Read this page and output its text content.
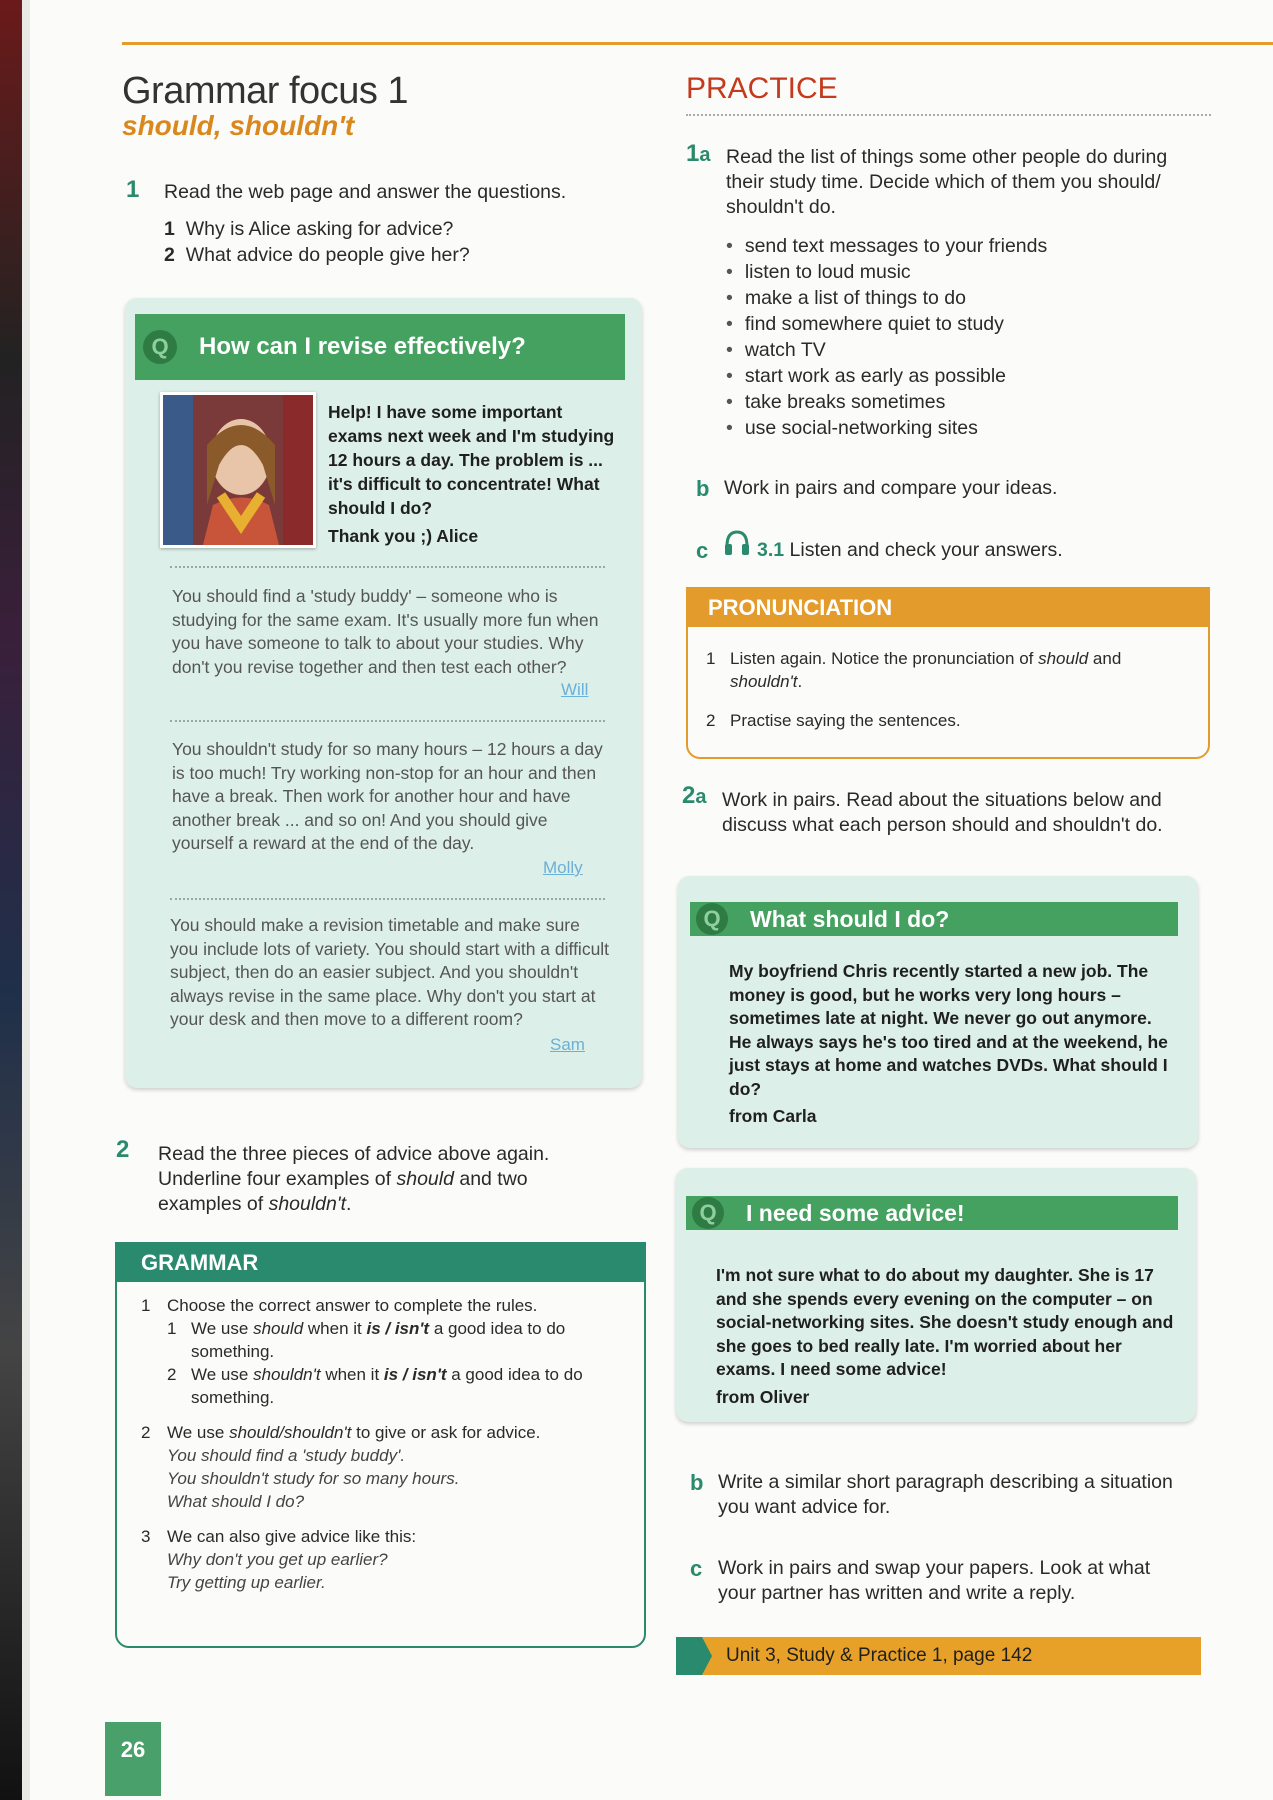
Grammar focus 1
should, shouldn't
1 Read the web page and answer the questions.
1 Why is Alice asking for advice?
2 What advice do people give her?
Q	How can I revise effectively?
Help! I have some important exams next week and I'm studying 12 hours a day. The problem is ... it's difficult to concentrate! What should I do?
Thank you ;) Alice
You should find a 'study buddy' – someone who is studying for the same exam. It's usually more fun when you have someone to talk to about your studies. Why don't you revise together and then test each other?
Will
You shouldn't study for so many hours – 12 hours a day is too much! Try working non-stop for an hour and then have a break. Then work for another hour and have another break ... and so on! And you should give yourself a reward at the end of the day.
Molly
You should make a revision timetable and make sure you include lots of variety. You should start with a difficult subject, then do an easier subject. And you shouldn't always revise in the same place. Why don't you start at your desk and then move to a different room?
Sam
2 Read the three pieces of advice above again.
Underline four examples of should and two
examples of shouldn't.
GRAMMAR
1 Choose the correct answer to complete the rules.
1 We use should when it is / isn't a good idea to do
something.
2 We use shouldn't when it is / isn't a good idea to do
something.
2 We use should/shouldn't to give or ask for advice.
You should find a 'study buddy'.
You shouldn't study for so many hours.
What should I do?
3 We can also give advice like this:
Why don't you get up earlier?
Try getting up earlier.
26
PRACTICE
1a Read the list of things some other people do during their study time. Decide which of them you should/ shouldn't do.
• send text messages to your friends
• listen to loud music
• make a list of things to do
• find somewhere quiet to study
• watch TV
• start work as early as possible
• take breaks sometimes
• use social-networking sites
b Work in pairs and compare your ideas.
c	3.1 Listen and check your answers.
PRONUNCIATION
1 Listen again. Notice the pronunciation of should and
shouldn't.
2 Practise saying the sentences.
2a Work in pairs. Read about the situations below and discuss what each person should and shouldn't do.
Q	What should I do?
My boyfriend Chris recently started a new job. The money is good, but he works very long hours – sometimes late at night. We never go out anymore. He always says he's too tired and at the weekend, he just stays at home and watches DVDs. What should I do?
from Carla
Q	I need some advice!
I'm not sure what to do about my daughter. She is 17 and she spends every evening on the computer – on social-networking sites. She doesn't study enough and she goes to bed really late. I'm worried about her exams. I need some advice!
from Oliver
b Write a similar short paragraph describing a situation you want advice for.
c Work in pairs and swap your papers. Look at what your partner has written and write a reply.
Unit 3, Study & Practice 1, page 142
